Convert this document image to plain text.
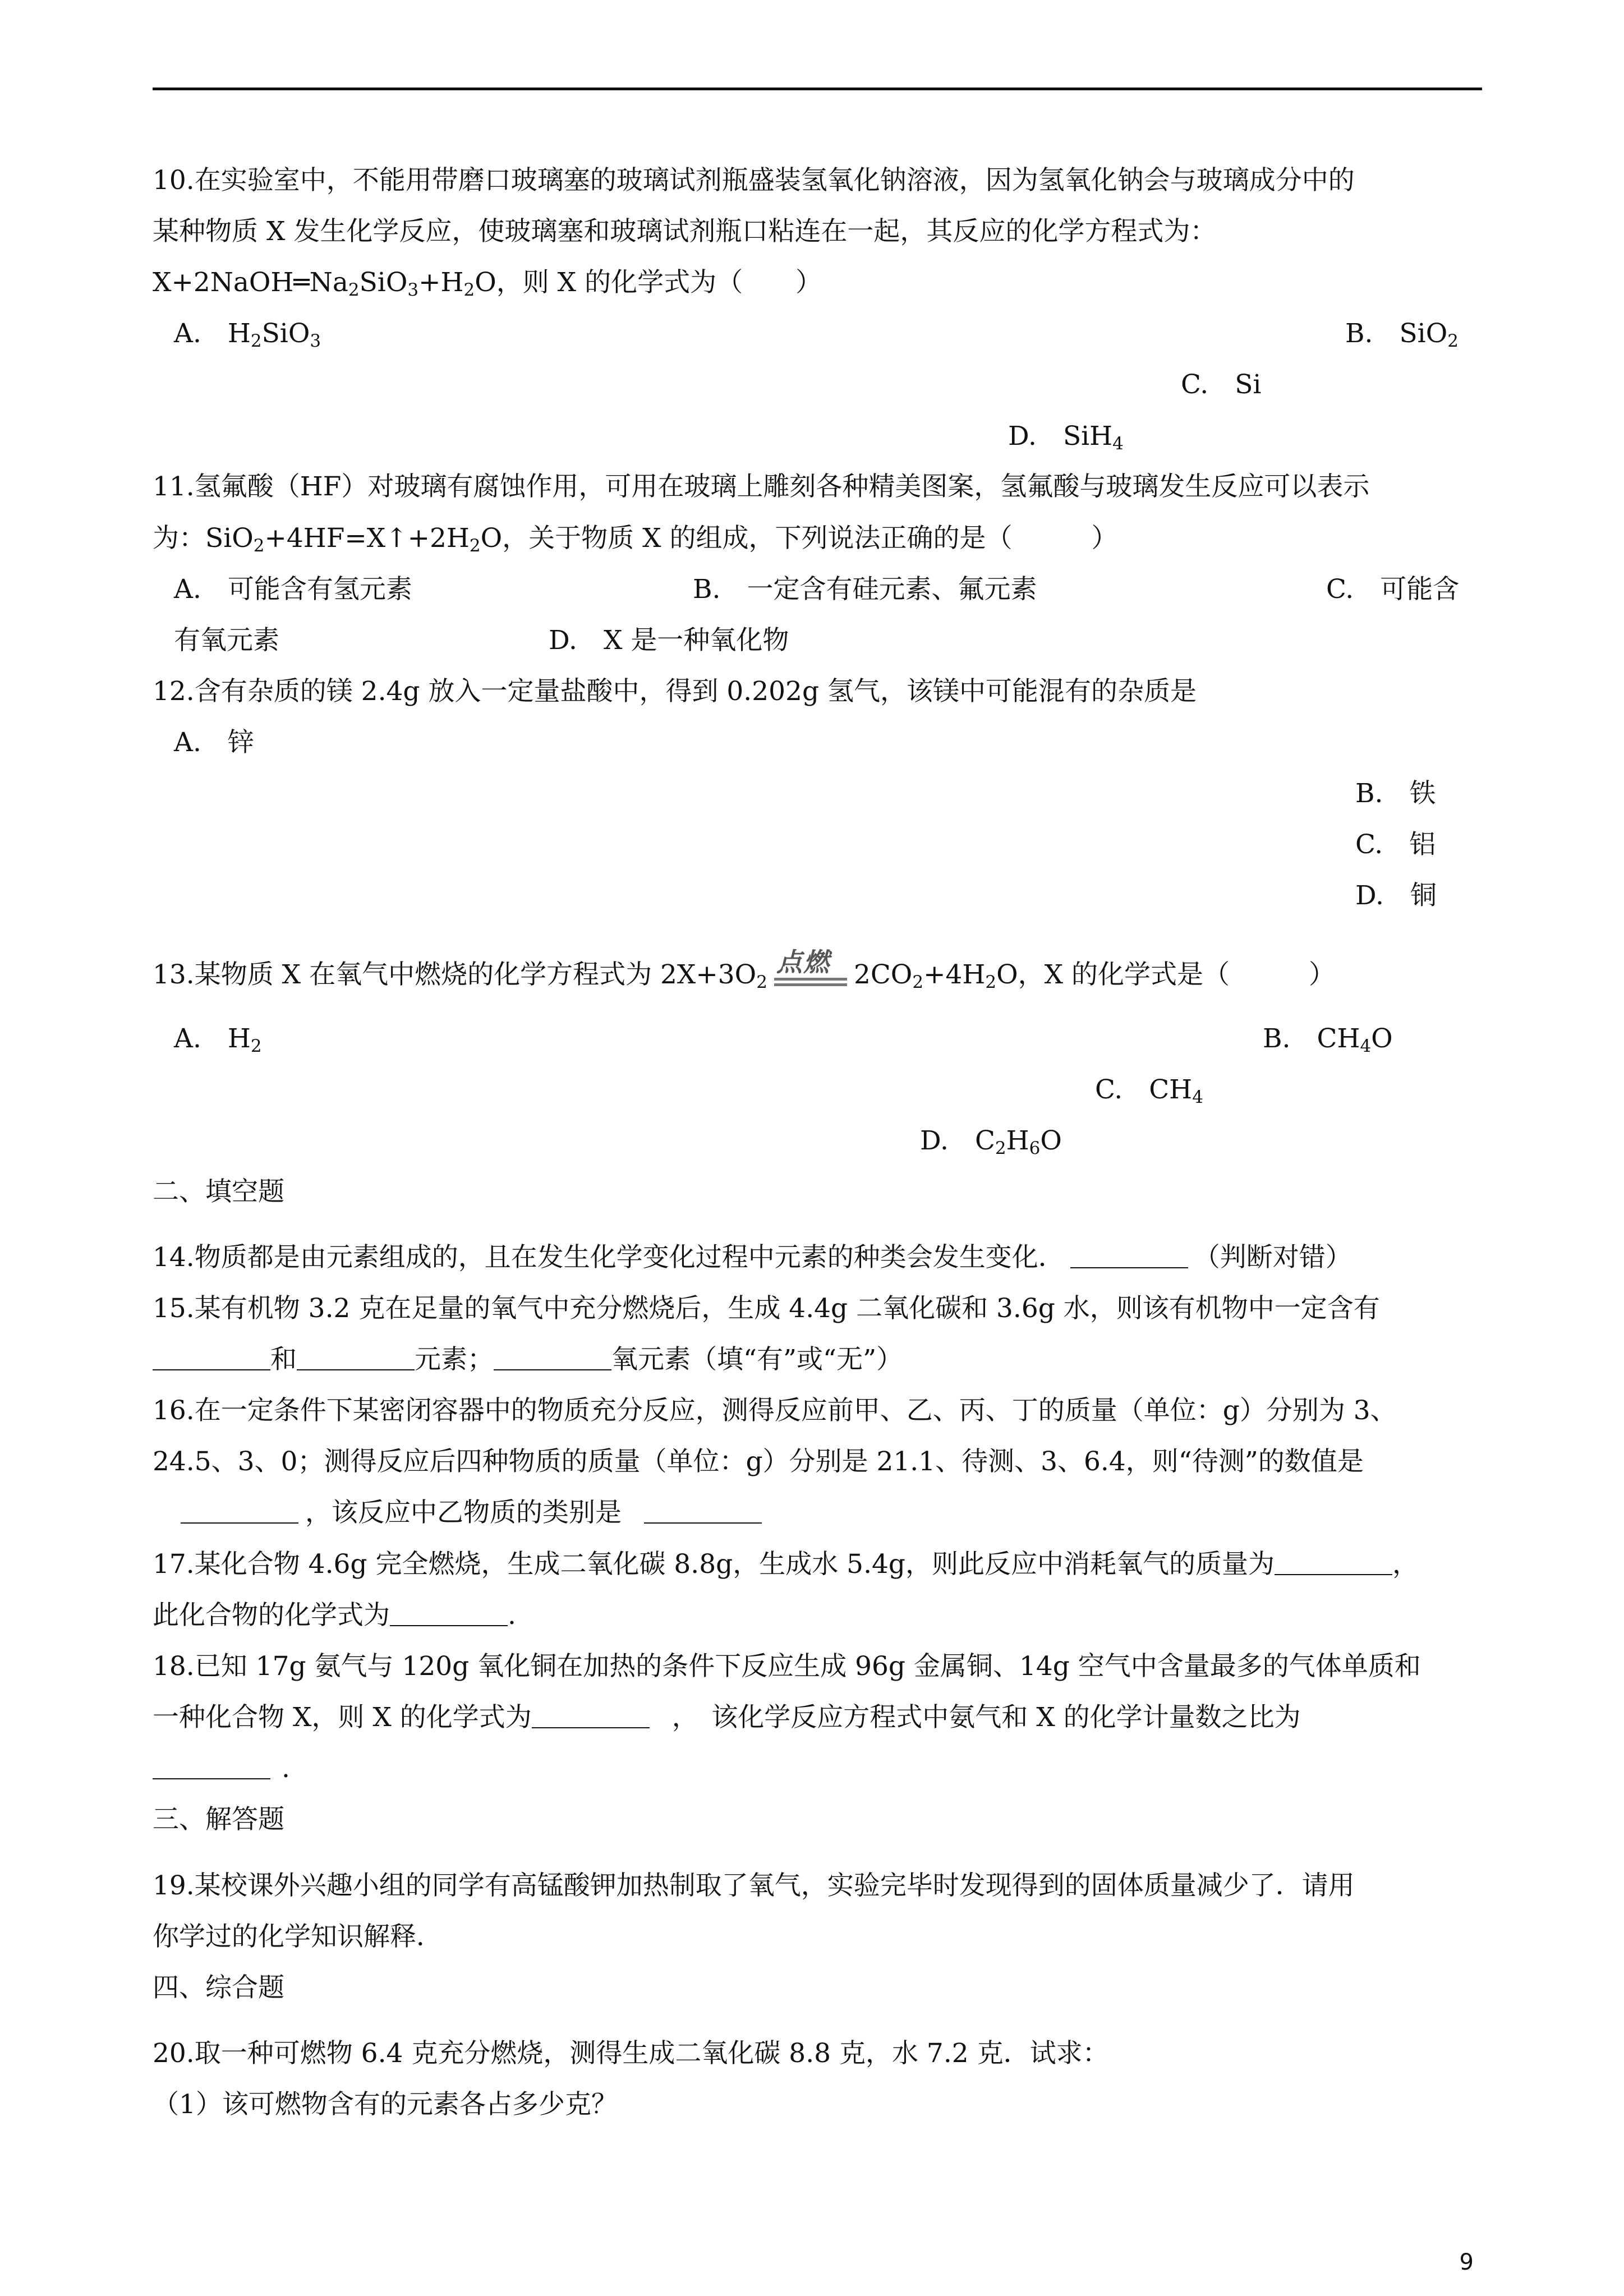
10.在实验室中，不能用带磨口玻璃塞的玻璃试剂瓶盛装氢氧化钠溶液，因为氢氧化钠会与玻璃成分中的
某种物质 X 发生化学反应，使玻璃塞和玻璃试剂瓶口粘连在一起，其反应的化学方程式为：
$X+2NaOH═Na_2SiO_3+H_2O$，则 X 的化学式为（　　）
A.　$H_2SiO_3$	B.　SiO$_2$
C.　Si
D.　SiH$_4$
11.氢氟酸（HF）对玻璃有腐蚀作用，可用在玻璃上雕刻各种精美图案，氢氟酸与玻璃发生反应可以表示
为：$SiO_2+4HF=X↑+2H_2O$，关于物质 X 的组成，下列说法正确的是（　　　）
A.　可能含有氢元素	B.　一定含有硅元素、氟元素	C.　可能含
有氧元素	D.　X 是一种氧化物
12.含有杂质的镁 2.4g 放入一定量盐酸中，得到 0.202g 氢气，该镁中可能混有的杂质是
A.　锌
B.　铁
C.　铝
D.　铜
13.某物质 X 在氧气中燃烧的化学方程式为 $2X+3O_2$
点燃 $2CO_2+4H_2O$，X 的化学式是（　　　）
A.　$H_2$	B.　$CH_4O$
C.　$CH_4$
D.　$C_2H_6O$
二、填空题
14.物质都是由元素组成的，且在发生化学变化过程中元素的种类会发生变化．	（判断对错）
15.某有机物 3.2 克在足量的氧气中充分燃烧后，生成 4.4g 二氧化碳和 3.6g 水，则该有机物中一定含有
和	元素；	氧元素（填“有”或“无”）
16.在一定条件下某密闭容器中的物质充分反应，测得反应前甲、乙、丙、丁的质量（单位：g）分别为 3、
24.5、3、0；测得反应后四种物质的质量（单位：g）分别是 21.1、待测、3、6.4，则“待测”的数值是
，该反应中乙物质的类别是
17.某化合物 4.6g 完全燃烧，生成二氧化碳 8.8g，生成水 5.4g，则此反应中消耗氧气的质量为	，
此化合物的化学式为	.
18.已知 17g 氨气与 120g 氧化铜在加热的条件下反应生成 96g 金属铜、14g 空气中含量最多的气体单质和
一种化合物 X，则 X 的化学式为	，　该化学反应方程式中氨气和 X 的化学计量数之比为
.
三、解答题
19.某校课外兴趣小组的同学有高锰酸钾加热制取了氧气，实验完毕时发现得到的固体质量减少了．请用
你学过的化学知识解释．
四、综合题
20.取一种可燃物 6.4 克充分燃烧，测得生成二氧化碳 8.8 克，水 7.2 克．试求：
（1）该可燃物含有的元素各占多少克？
9
